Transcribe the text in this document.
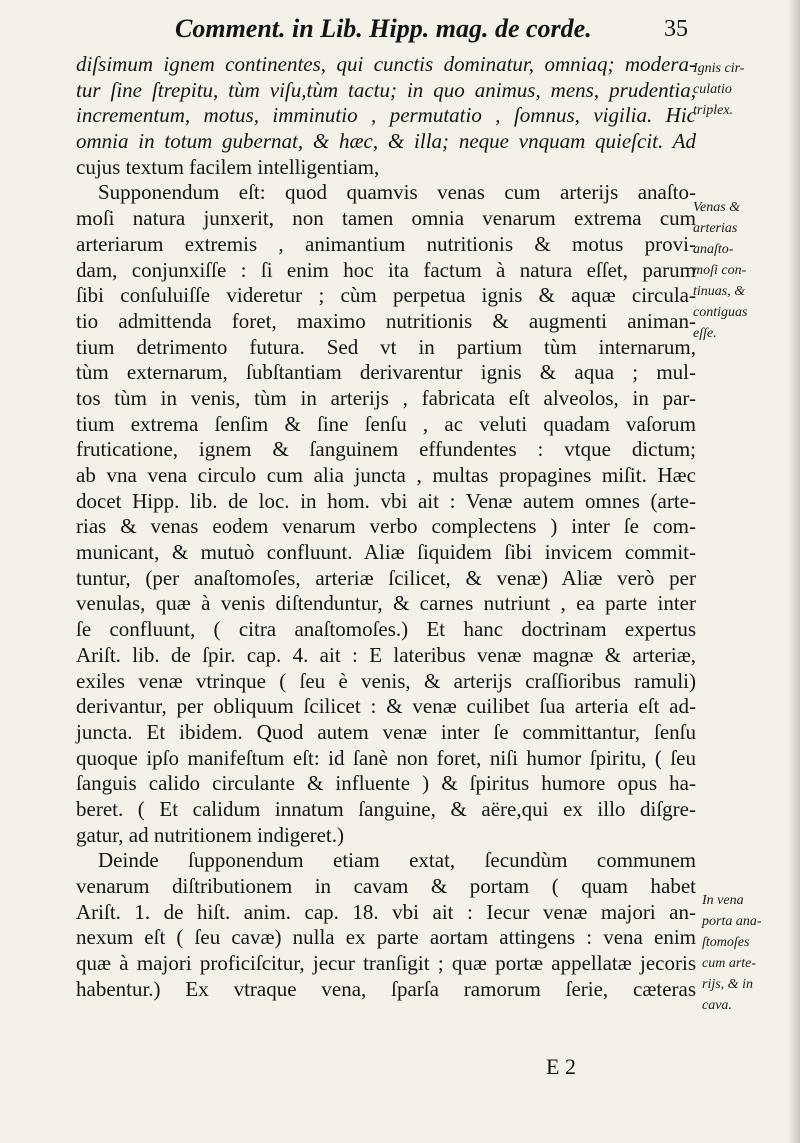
Comment. in Lib. Hipp. mag. de corde.	35
diſsimum ignem continentes, qui cunctis dominatur, omniaq; modera-
tur ſine ſtrepitu, tùm viſu,tùm tactu; in quo animus, mens, prudentia,
incrementum, motus, imminutio , permutatio , ſomnus, vigilia. Hic
omnia in totum gubernat, & hæc, & illa; neque vnquam quieſcit. Ad
cujus textum facilem intelligentiam,
Supponendum eſt: quod quamvis venas cum arterijs anaſto-
moſi natura junxerit, non tamen omnia venarum extrema cum
arteriarum extremis , animantium nutritionis & motus provi-
dam, conjunxiſſe : ſi enim hoc ita factum à natura eſſet, parum
ſibi conſuluiſſe videretur ; cùm perpetua ignis & aquæ circula-
tio admittenda foret, maximo nutritionis & augmenti animan-
tium detrimento futura. Sed vt in partium tùm internarum,
tùm externarum, ſubſtantiam derivarentur ignis & aqua ; mul-
tos tùm in venis, tùm in arterijs , fabricata eſt alveolos, in par-
tium extrema ſenſim & ſine ſenſu , ac veluti quadam vaſorum
fruticatione, ignem & ſanguinem effundentes : vtque dictum;
ab vna vena circulo cum alia juncta , multas propagines miſit. Hæc
docet Hipp. lib. de loc. in hom. vbi ait : Venæ autem omnes (arte-
rias & venas eodem venarum verbo complectens ) inter ſe com-
municant, & mutuò confluunt. Aliæ ſiquidem ſibi invicem commit-
tuntur, (per anaſtomoſes, arteriæ ſcilicet, & venæ) Aliæ verò per
venulas, quæ à venis diſtenduntur, & carnes nutriunt , ea parte inter
ſe confluunt, ( citra anaſtomoſes.) Et hanc doctrinam expertus
Ariſt. lib. de ſpir. cap. 4. ait : E lateribus venæ magnæ & arteriæ,
exiles venæ vtrinque ( ſeu è venis, & arterijs craſſioribus ramuli)
derivantur, per obliquum ſcilicet : & venæ cuilibet ſua arteria eſt ad-
juncta. Et ibidem. Quod autem venæ inter ſe committantur, ſenſu
quoque ipſo manifeſtum eſt: id ſanè non foret, niſi humor ſpiritu, ( ſeu
ſanguis calido circulante & influente ) & ſpiritus humore opus ha-
beret. ( Et calidum innatum ſanguine, & aëre,qui ex illo diſgre-
gatur, ad nutritionem indigeret.)
Deinde ſupponendum etiam extat, ſecundùm communem
venarum diſtributionem in cavam & portam ( quam habet
Ariſt. 1. de hiſt. anim. cap. 18. vbi ait : Iecur venæ majori an-
nexum eſt ( ſeu cavæ) nulla ex parte aortam attingens : vena enim
quæ à majori proficiſcitur, jecur tranſigit ; quæ portæ appellatæ jecoris
habentur.) Ex vtraque vena, ſparſa ramorum ſerie, cæteras
Ignis cir-
culatio
triplex.
Venas &
arterias
anaſto-
moſi con-
tinuas, &
contiguas
eſſe.
In vena
porta ana-
ſtomoſes
cum arte-
rijs, & in
cava.
E 2
